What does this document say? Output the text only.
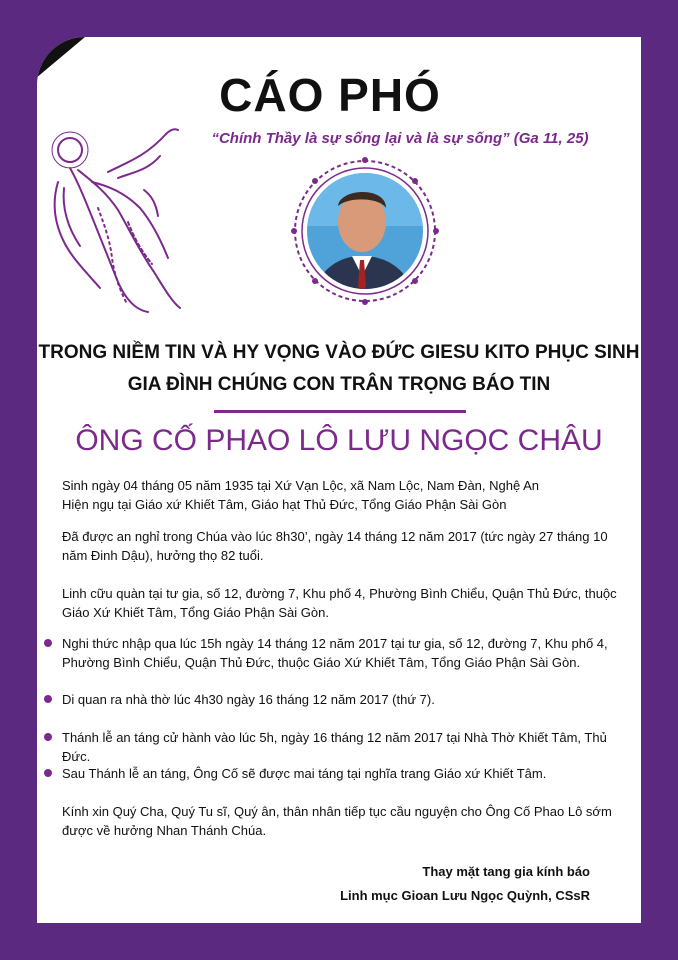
CÁO PHÓ
“Chính Thầy là sự sống lại và là sự sống” (Ga 11, 25)
TRONG NIỀM TIN VÀ HY VỌNG VÀO ĐỨC GIESU KITO PHỤC SINH
GIA ĐÌNH CHÚNG CON TRÂN TRỌNG BÁO TIN
ÔNG CỐ PHAO LÔ LƯU NGỌC CHÂU
Sinh ngày 04 tháng 05 năm 1935 tại Xứ Vạn Lộc, xã Nam Lộc, Nam Đàn, Nghệ An
Hiện ngụ tại Giáo xứ Khiết Tâm, Giáo hạt Thủ Đức, Tổng Giáo Phận Sài Gòn
Đã được an nghỉ trong Chúa vào lúc 8h30’, ngày 14 tháng 12 năm 2017 (tức ngày 27 tháng 10 năm Đinh Dậu), hưởng thọ 82 tuổi.
Linh cữu quàn tại tư gia, số 12, đường 7, Khu phố 4, Phường Bình Chiểu, Quận Thủ Đức, thuộc Giáo Xứ Khiết Tâm, Tổng Giáo Phận Sài Gòn.
Nghi thức nhập qua lúc 15h ngày 14 tháng 12 năm 2017 tại tư gia, số 12, đường 7, Khu phố 4, Phường Bình Chiểu, Quận Thủ Đức, thuộc Giáo Xứ Khiết Tâm, Tổng Giáo Phận Sài Gòn.
Di quan ra nhà thờ lúc 4h30 ngày 16 tháng 12 năm 2017 (thứ 7).
Thánh lễ an táng cử hành vào lúc 5h, ngày 16 tháng 12 năm 2017 tại Nhà Thờ Khiết Tâm, Thủ Đức.
Sau Thánh lễ an táng, Ông Cố sẽ được mai táng tại nghĩa trang Giáo xứ Khiết Tâm.
Kính xin Quý Cha, Quý Tu sĩ, Quý ân, thân nhân tiếp tục cầu nguyện cho Ông Cố Phao Lô sớm được về hưởng Nhan Thánh Chúa.
Thay mặt tang gia kính báo
Linh mục Gioan Lưu Ngọc Quỳnh, CSsR
